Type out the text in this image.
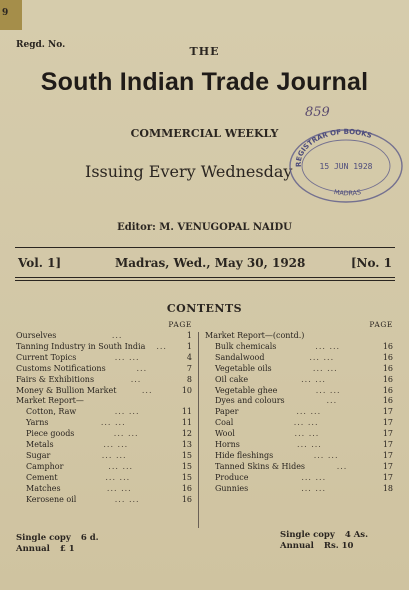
9
Regd. No.	THE
South Indian Trade Journal
859
COMMERCIAL WEEKLY
Issuing Every Wednesday REGISTRAR OF BOOKS
15 JUN 1928
MADRAS
Editor: M. VENUGOPAL NAIDU
Vol. 1]	Madras, Wed., May 30, 1928	[No. 1
CONTENTS
PAGE
Ourselves	...	1
Tanning Industry in South India	...	1
Current Topics	... ...	4
Customs Notifications	...	7
Fairs & Exhibitions	...	8
Money & Bullion Market	...	10
Market Report—
Cotton, Raw	... ...	11
Yarns	... ...	11
Piece goods	... ...	12
Metals	... ...	13
Sugar	... ...	15
Camphor	... ...	15
Cement	... ...	15
Matches	... ...	16
Kerosene oil	... ...	16
PAGE
Market Report— (contd.)
Bulk chemicals	... ...	16
Sandalwood	... ...	16
Vegetable oils	... ...	16
Oil cake	... ...	16
Vegetable ghee	... ...	16
Dyes and colours	...	16
Paper	... ...	17
Coal	... ...	17
Wool	... ...	17
Horns	... ...	17
Hide fleshings	... ...	17
Tanned Skins & Hides	...	17
Produce	... ...	17
Gunnies	... ...	18
Single copy 6 d.
Annual £ 1
Single copy 4 As.
Annual Rs. 10
